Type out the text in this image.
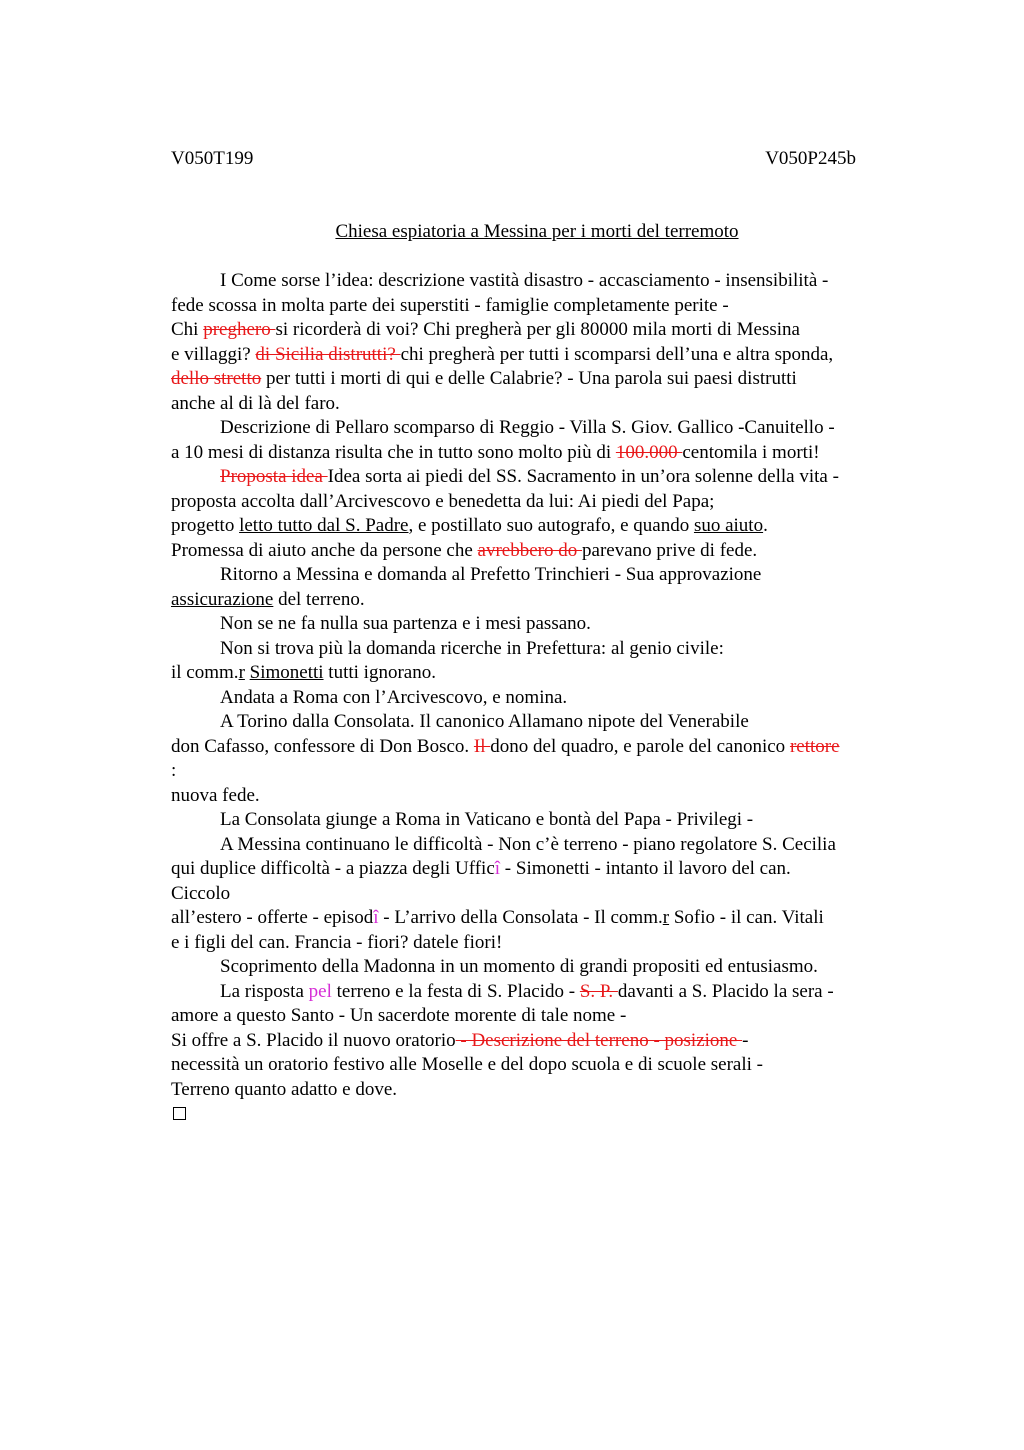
V050T199	V050P245b
Chiesa espiatoria a Messina per i morti del terremoto
I Come sorse l’idea: descrizione vastità disastro - accasciamento - insensibilità -
fede scossa in molta parte dei superstiti - famiglie completamente perite -
Chi preghero si ricorderà di voi? Chi pregherà per gli 80000 mila morti di Messina
e villaggi? di Sicilia distrutti? chi pregherà per tutti i scomparsi dell’una e altra sponda,
dello stretto per tutti i morti di qui e delle Calabrie? - Una parola sui paesi distrutti
anche al di là del faro.
Descrizione di Pellaro scomparso di Reggio - Villa S. Giov. Gallico -Canuitello -
a 10 mesi di distanza risulta che in tutto sono molto più di 100.000 centomila i morti!
Proposta idea Idea sorta ai piedi del SS. Sacramento in un’ora solenne della vita -
proposta accolta dall’Arcivescovo e benedetta da lui: Ai piedi del Papa;
progetto letto tutto dal S. Padre, e postillato suo autografo, e quando suo aiuto.
Promessa di aiuto anche da persone che avrebbero do parevano prive di fede.
Ritorno a Messina e domanda al Prefetto Trinchieri - Sua approvazione
assicurazione del terreno.
Non se ne fa nulla sua partenza e i mesi passano.
Non si trova più la domanda ricerche in Prefettura: al genio civile:
il comm.r Simonetti tutti ignorano.
Andata a Roma con l’Arcivescovo, e nomina.
A Torino dalla Consolata. Il canonico Allamano nipote del Venerabile
don Cafasso, confessore di Don Bosco. Il dono del quadro, e parole del canonico rettore
:
nuova fede.
La Consolata giunge a Roma in Vaticano e bontà del Papa - Privilegi -
A Messina continuano le difficoltà - Non c’è terreno - piano regolatore S. Cecilia
qui duplice difficoltà - a piazza degli Ufficî - Simonetti - intanto il lavoro del can.
Ciccolo
all’estero - offerte - episodî - L’arrivo della Consolata - Il comm.r Sofio - il can. Vitali
e i figli del can. Francia - fiori? datele fiori!
Scoprimento della Madonna in un momento di grandi propositi ed entusiasmo.
La risposta pel terreno e la festa di S. Placido - S. P. davanti a S. Placido la sera -
amore a questo Santo - Un sacerdote morente di tale nome -
Si offre a S. Placido il nuovo oratorio - Descrizione del terreno - posizione -
necessità un oratorio festivo alle Moselle e del dopo scuola e di scuole serali -
Terreno quanto adatto e dove.
